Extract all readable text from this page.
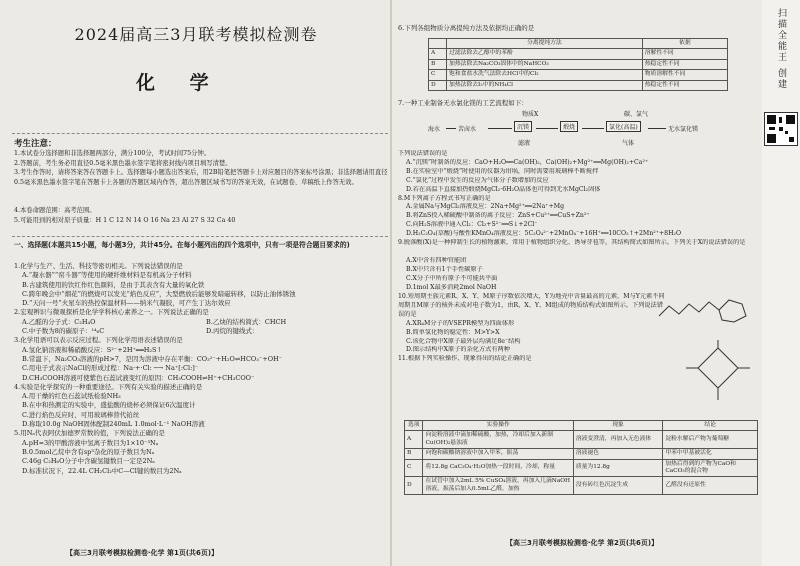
2024届高三3月联考模拟检测卷
化 学
考生注意：
1.本试卷分选择题和非选择题两部分，满分100分，考试时间75分钟。
2.答题前，考生务必用直径0.5毫米黑色墨水签字笔将密封线内项目填写清楚。
3.考生作答时，请将答案答在答题卡上。选择题每小题选出答案后，用2B铅笔把答题卡上对应题目的答案标号涂黑；非选择题请用直径0.5毫米黑色墨水签字笔在答题卡上各题的答题区域内作答，超出答题区域书写的答案无效，在试题卷、草稿纸上作答无效。
4.本卷命题范围：高考范围。
5.可能用到的相对原子质量：H 1 C 12 N 14 O 16 Na 23 Al 27 S 32 Ca 40
一、选择题(本题共15小题，每小题3分，共计45分。在每小题列出的四个选项中，只有一项是符合题目要求的)
1.化学与生产、生活、科技等密切相关。下列说法错误的是
A.“凝水器”“窑斗器”等使用的硬纤维材料是有机高分子材料
B.古建筑使用的饮红作红色颜料，是由于其表含有大量的氧化铁
C.跨年晚会中“烟花”的燃烧可以发光“焰色反应”，大型燃放后能够发暗磁转移，以防止油体锈蚀
D.“天问一号”火星车的热控保温材料——纳米气凝胶，可产生丁达尔效应
2.宏观辨识与微观探析是化学学科核心素养之一。下列说法正确的是
A.乙醛的分子式：C₂H₄O	B.乙炔的结构简式：CHCH
C.中子数为8的碳原子：¹⁴₆C	D.丙烷的键线式：
3.化学用语可以表示反应过程。下列化学用语表述错误的是
A.氢化钠溶液和稀硝酸反应：S²⁻+2H⁺══H₂S↑
B.常温下，Na₂CO₃溶液的pH>7，是因为溶液中存在平衡：CO₃²⁻+H₂O⇌HCO₃⁻+OH⁻
C.用电子式表示NaCl的形成过程：Na·+·Cl: ─→ Na⁺[:Cl:]⁻
D.CH₃COOH溶液可使紫色石蕊试液变红的原因：CH₃COOH⇌H⁺+CH₃COO⁻
4.实验是化学探究的一种重要途径。下列有关实验的描述正确的是
A.用干燥的红色石蕊试纸检验NH₃
B.在中和热测定的实验中，盛盐酸的烧杯必须保证6次温度计
C.进行焰色反应时，可用玻璃棒替代铂丝
D.称取10.0g NaOH固体配制240mL 1.0mol·L⁻¹ NaOH溶液
5.用Nₐ代表阿伏加德罗常数的值，下列说法正确的是
A.pH=3的甲酸溶液中氢离子数目为1×10⁻³Nₐ
B.0.5mol乙烷中含有sp³杂化的原子数目为Nₐ
C.46g C₂H₆O分子中含碳氢键数目一定是2Nₐ
D.标准状况下，22.4L CH₂Cl₂中C—Cl键的数目为2Nₐ
【高三3月联考模拟检测卷·化学 第1页(共6页)】
6.下列各组物质分离提纯方法及依据均正确的是
	分离提纯方法	依据
A	过滤法除去乙醇中的苯酚	溶解性不同
B	加热法除去Na₂CO₃固体中的NaHCO₃	热稳定性不同
C	饱和食盐水洗气法除去HCl中的Cl₂	物质溶解性不同
D	加热法除去I₂中的NH₄Cl	热稳定性不同
7.一种工业制备无水氯化镁的工艺流程如下：
物质X	碳、氯气
海水	苦卤水	沉镁	煅烧	氯化(高温)	无水氯化镁
滤液	气体
下列说法错误的是
A.“沉镁”时制备的反应：CaO+H₂O══Ca(OH)₂，Ca(OH)₂+Mg²⁺══Mg(OH)₂+Ca²⁺
B.在实验室中“煅烧”时使用的仪器为坩埚，同时需要用玻璃棒不断搅拌
C.“氯化”过程中发生的反应为气体分子数增加的反应
D.若在高温下直接加热煅烧MgCl₂·6H₂O晶体也可得到无水MgCl₂固体
8.M下列离子方程式书写正确的是
A.金属Na与MgCl₂溶液反应：2Na+Mg²⁺══2Na⁺+Mg
B.将ZnS投入稀硫酸中制备的离子反应：ZnS+Cu²⁺══CuS+Zn²⁺
C.向H₂S溶液中通入Cl₂：Cl₂+S²⁻══S↓+2Cl⁻
D.H₂C₂O₄(草酸)与酸性KMnO₄溶液反应：5C₂O₄²⁻+2MnO₄⁻+16H⁺══10CO₂↑+2Mn²⁺+8H₂O
9.脱落酸(X)是一种抑制生长的植物激素，常用于植物组织分化、诱导芽苞等，其结构简式如图所示。下列关于X的说法错误的是
A.X中含有四种官能团
B.X中只含有1个手性碳原子
C.X分子中所有原子不可能共平面
D.1mol X最多消耗2mol NaOH
10.短周期主族元素R、X、Y、M原子序数依次增大，Y为地壳中含量最高的元素，M与Y元素不同周期且M原子的核外未成对电子数为1，由R、X、Y、M组成的物质结构式如图所示。下列说法错误的是
A.XR₄M分子的VSEPR模型为四面体形
B.简单氢化物的稳定性：M>Y>X
C.该化合物中X原子最外层均满足8e⁻结构
D.图示结构中X原子的杂化方式有两种
11.根据下列实验操作、现象得出的结论正确的是
选项	实验操作	现象	结论
A	向淀粉溶液中滴加稀硫酸，加热，冷却后加入新制Cu(OH)₂悬浊液	溶液变澄清，再加入无色液体	淀粉水解后产物为葡萄糖
B	向饱和碳酸钠溶液中加入甲苯，振荡	溶液褪色	甲苯中甲基被活化
C	将12.8g CaC₂O₄·H₂O加热一段时间，冷却，称量	质量为12.8g	加热后得到的产物为CaO和CaCO₃的混合物
D	在试管中加入2mL 5% CuSO₄溶液，再加入几滴NaOH溶液，振荡后加入0.5mL乙醛，加热	没有砖红色沉淀生成	乙醛没有还原性
【高三3月联考模拟检测卷·化学 第2页(共6页)】
扫描全能王 创建
